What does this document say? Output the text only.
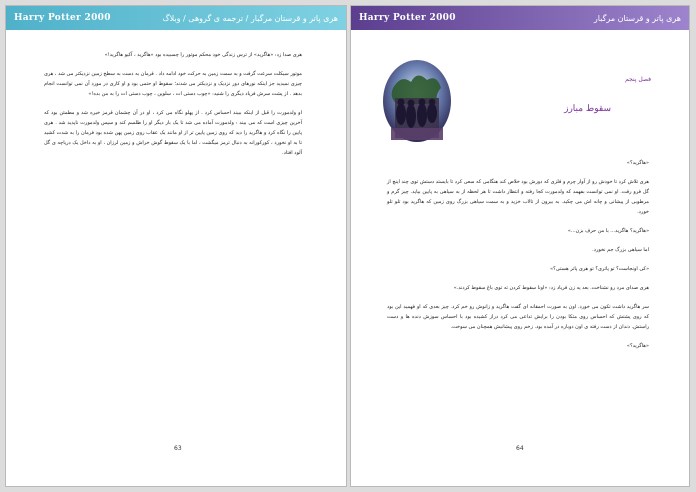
Harry Potter 2000	هری پاتر و قرستان مرگبار / ترجمه ی گروهی / وبلاگ

هری صدا زد: «هاگرید» از ترس زندگی خود محکم موتور را چسبیده بود «هاگرید ، آکیو هاگرید!»

موتور سیکلت سرعت گرفت و به سمت زمین به حرکت خود ادامه داد . فرمان به دست به سطح زمین نزدیکتر می شد ، هری چیزی نمیدید جز اینکه نورهای دور نزدیک و نزدیکتر می شدند؛ سقوط او حتمی بود و او کاری در مورد آن نمی توانست انجام بدهد . از پشت سرش فریاد دیگری را شنید: «چوب دستی ات ، سلوین ، چوب دستی ات را به من بده!»

او ولدمورت را قبل از اینکه ببیند احساس کرد . از پهلو نگاه می کرد ، او در آن چشمان قرمز خیره شد و مطمئن بود که آخرین چیزی است که می بیند : ولدمورت آماده می شد تا یک بار دیگر او را طلسم کند و سپس ولدمورت ناپدید شد . هری پایین را نگاه کرد و هاگرید را دید که روی زمین پایین تر از او مانند یک عقاب روی زمین پهن شده بود فرمان را به شدت کشید تا به او نخورد ، کورکورانه به دنبال ترمز میگشت ، اما با یک سقوط گوش خراش و زمین لرزان ، او به داخل یک دریاچه ی گل آلود افتاد.

63
Harry Potter 2000	هری پاتر و قرستان مرگبار
فصل پنجم
سقوط مبارز

«هاگرید؟»

هری تلاش کرد تا خودش رو از آوار چرم و فلزی که دورش بود خلاص کند هنگامی که سعی کرد تا بایستد دستش توی چند اینچ از گل فرو رفت. او نمی توانست بفهمد که ولدمورت کجا رفته و انتظار داشت تا هر لحظه از به سیاهی به پایین بیاید. چیز گرم و مرطوبی از پیشانی و چانه اش می چکید. به بیرون از تالاب خزید و به سمت سیاهی بزرگ روی زمین که هاگرید بود تلو تلو خورد.

«هاگرید؟ هاگرید... با من حرف بزن...»

اما سیاهی بزرگ جم نخورد.

«کی اونجاست؟ تو پاتری؟ تو هری پاتر هستی؟»

هری صدای مرد رو نشناخت. بعد یه زن فریاد زد: «اونا سقوط کردن ته توی باغ سقوط کردند.»

سر هاگرید داشت تکون می خورد. اون به صورت احمقانه ای گفت هاگرید و زانوش رو خم کرد. چیز بعدی که او فهمید این بود که روی پشتش که احساس روی متکا بودن را برایش تداعی می کرد دراز کشیده بود با احساس سوزش دنده ها و دست راستش. دندان از دست رفته ی اون دوباره در آمده بود. زخم روی پیشانیش همچنان می سوخت.

«هاگرید؟»

64
